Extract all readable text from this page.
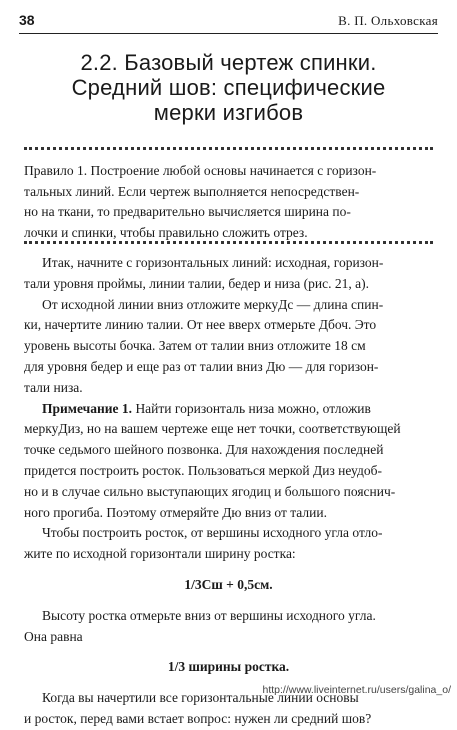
38	В. П. Ольховская
2.2. Базовый чертеж спинки.
Средний шов: специфические
мерки изгибов
Правило 1. Построение любой основы начинается с горизон-
тальных линий. Если чертеж выполняется непосредствен-
но на ткани, то предварительно вычисляется ширина по-
лочки и спинки, чтобы правильно сложить отрез.
Итак, начните с горизонтальных линий: исходная, горизон-
тали уровня проймы, линии талии, бедер и низа (рис. 21, а).
От исходной линии вниз отложите меркуДс — длина спин-
ки, начертите линию талии. От нее вверх отмерьте Дбоч. Это
уровень высоты бочка. Затем от талии вниз отложите 18 см
для уровня бедер и еще раз от талии вниз Дю — для горизон-
тали низа.
Примечание 1. Найти горизонталь низа можно, отложив
меркуДиз, но на вашем чертеже еще нет точки, соответствующей
точке седьмого шейного позвонка. Для нахождения последней
придется построить росток. Пользоваться меркой Диз неудоб-
но и в случае сильно выступающих ягодиц и большого пояснич-
ного прогиба. Поэтому отмеряйте Дю вниз от талии.
Чтобы построить росток, от вершины исходного угла отло-
жите по исходной горизонтали ширину ростка:
1/3Сш + 0,5см.
Высоту ростка отмерьте вниз от вершины исходного угла.
Она равна
1/3 ширины ростка.
Когда вы начертили все горизонтальные линии основы
и росток, перед вами встает вопрос: нужен ли средний шов?
http://www.liveinternet.ru/users/galina_o/
